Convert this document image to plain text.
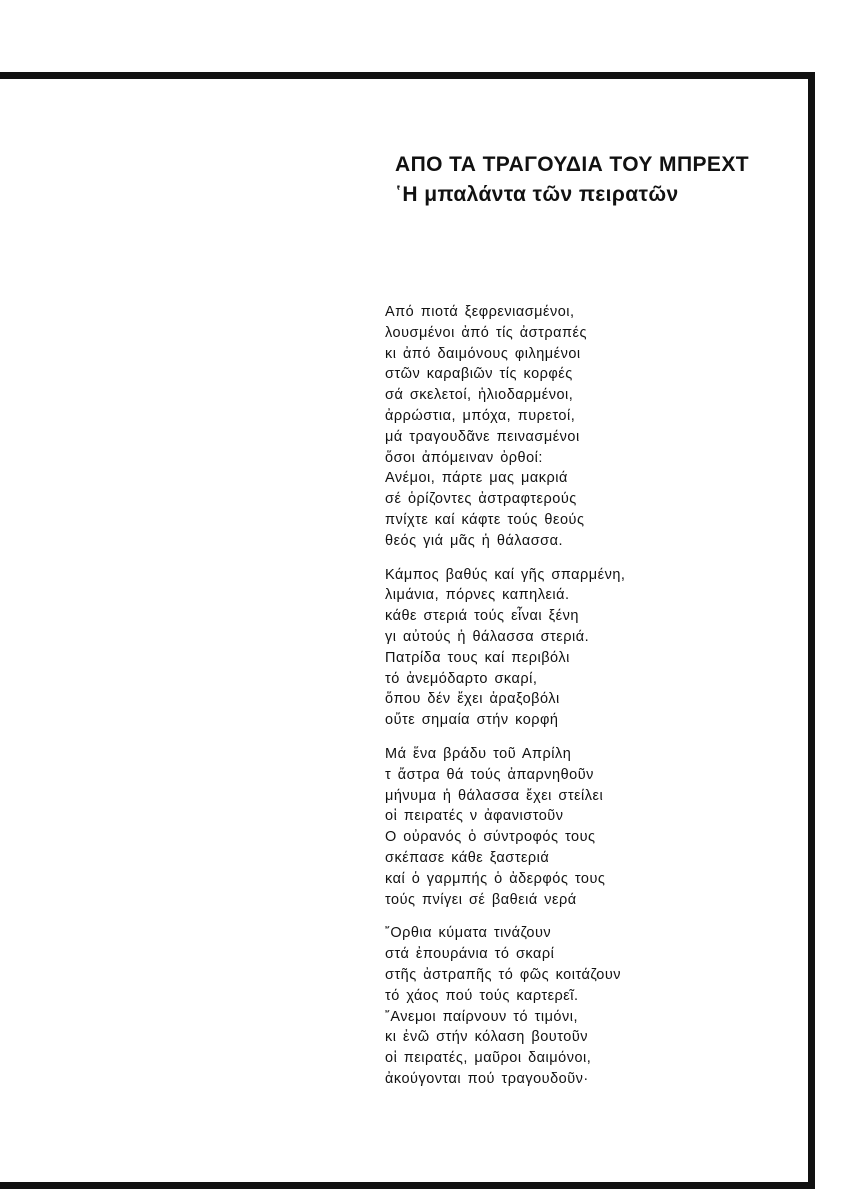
ΑΠΟ ΤΑ ΤΡΑΓΟΥΔΙΑ ΤΟΥ ΜΠΡΕΧΤ
῾Η μπαλάντα τῶν πειρατῶν
Από πιοτά ξεφρενιασμένοι,
λουσμένοι ἀπό τίς ἀστραπές
κι ἀπό δαιμόνους φιλημένοι
στῶν καραβιῶν τίς κορφές
σά σκελετοί, ἡλιοδαρμένοι,
ἀρρώστια, μπόχα, πυρετοί,
μά τραγουδᾶνε πεινασμένοι
ὅσοι ἀπόμειναν ὀρθοί:
Ανέμοι, πάρτε μας μακριά
σέ ὁρίζοντες ἀστραφτερούς
πνίχτε καί κάφτε τούς θεούς
θεός γιά μᾶς ἡ θάλασσα.
Κάμπος βαθύς καί γῆς σπαρμένη,
λιμάνια, πόρνες καπηλειά.
κάθε στεριά τούς εἶναι ξένη
γι αὐτούς ἡ θάλασσα στεριά.
Πατρίδα τους καί περιβόλι
τό ἀνεμόδαρτο σκαρί,
ὅπου δέν ἔχει ἀραξοβόλι
οὔτε σημαία στήν κορφή
Μά ἕνα βράδυ τοῦ Απρίλη
τ ἄστρα θά τούς ἀπαρνηθοῦν
μήνυμα ἡ θάλασσα ἔχει στείλει
οἱ πειρατές ν ἀφανιστοῦν
Ο οὐρανός ὁ σύντροφός τους
σκέπασε κάθε ξαστεριά
καί ὁ γαρμπής ὁ ἀδερφός τους
τούς πνίγει σέ βαθειά νερά
῎Ορθια κύματα τινάζουν
στά ἐπουράνια τό σκαρί
στῆς ἀστραπῆς τό φῶς κοιτάζουν
τό χάος πού τούς καρτερεῖ.
῎Ανεμοι παίρνουν τό τιμόνι,
κι ἐνῶ στήν κόλαση βουτοῦν
οἱ πειρατές, μαῦροι δαιμόνοι,
ἀκούγονται πού τραγουδοῦν·
